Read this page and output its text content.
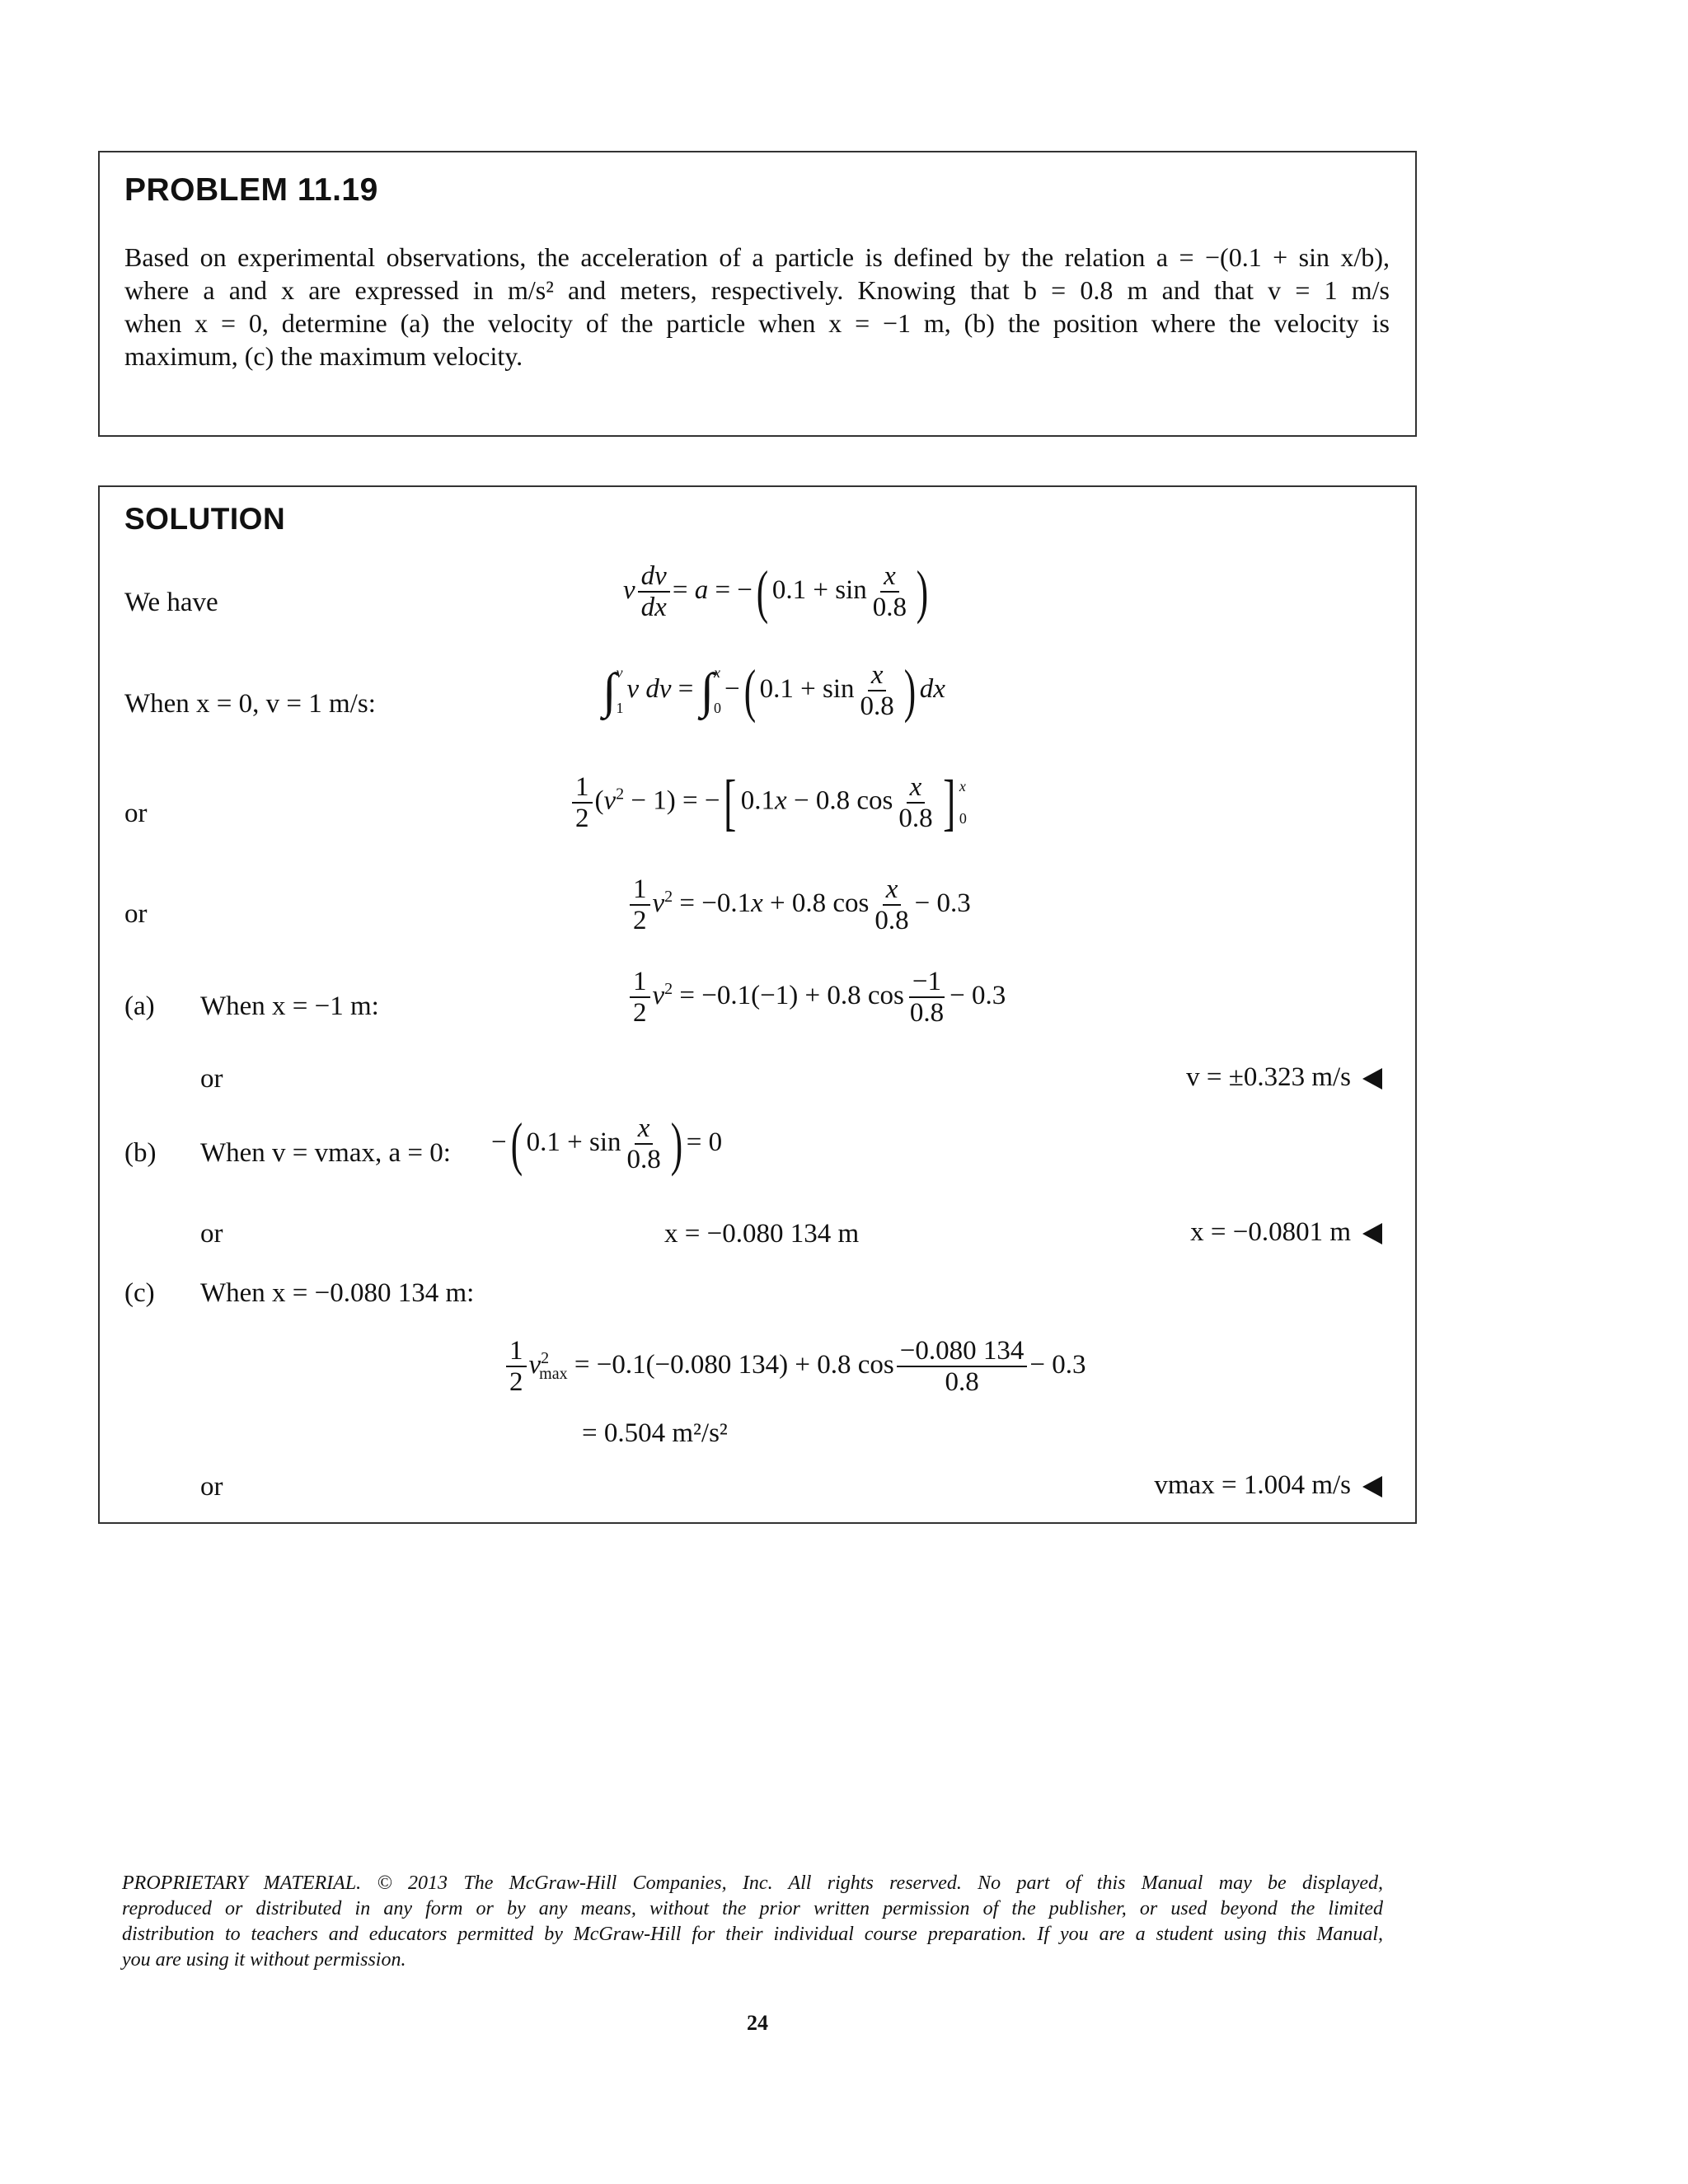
PROBLEM 11.19
Based on experimental observations, the acceleration of a particle is defined by the relation a = −(0.1 + sin x/b),
where a and x are expressed in m/s² and meters, respectively. Knowing that b = 0.8 m and that v = 1 m/s
when x = 0, determine (a) the velocity of the particle when x = −1 m, (b) the position where the velocity is
maximum, (c) the maximum velocity.
SOLUTION
We have	v $\frac{dv}{dx} = a$ = −( $0.1 + \sin \frac{x}{0.8}$ )
When x = 0, v = 1 m/s:	∫ v
1
v dv = ∫ x
0
−( $0.1 + \sin \frac{x}{0.8}$ ) dx
or	$\frac{1}{2} (v^2 - 1)$ = −[ 0.1x − 0.8 $\cos \frac{x}{0.8}$ ] x
0
or	$\frac{1}{2} v^2 = -0.1x + 0.8$ $\cos \frac{x}{0.8} - 0.3$
(a) When x = −1 m:	$\frac{1}{2} v^2 = -0.1(-1) + 0.8$ $\cos \frac{-1}{0.8} - 0.3$
or	v = ±0.323 m/s
(b) When v = vmax, a = 0: −( $0.1 + \sin \frac{x}{0.8}$ ) = 0
or	x = −0.080 134 m	x = −0.0801 m
(c) When x = −0.080 134 m:
$\frac{1}{2} v^2_{max} = -0.1(-0.080$ 134) + 0.8 $\cos \frac{-0.080 134}{0.8} - 0.3$
= 0.504 m²/s²
or	vmax = 1.004 m/s
PROPRIETARY MATERIAL. © 2013 The McGraw-Hill Companies, Inc. All rights reserved. No part of this Manual may be displayed,
reproduced or distributed in any form or by any means, without the prior written permission of the publisher, or used beyond the limited
distribution to teachers and educators permitted by McGraw-Hill for their individual course preparation. If you are a student using this Manual,
you are using it without permission.
24
